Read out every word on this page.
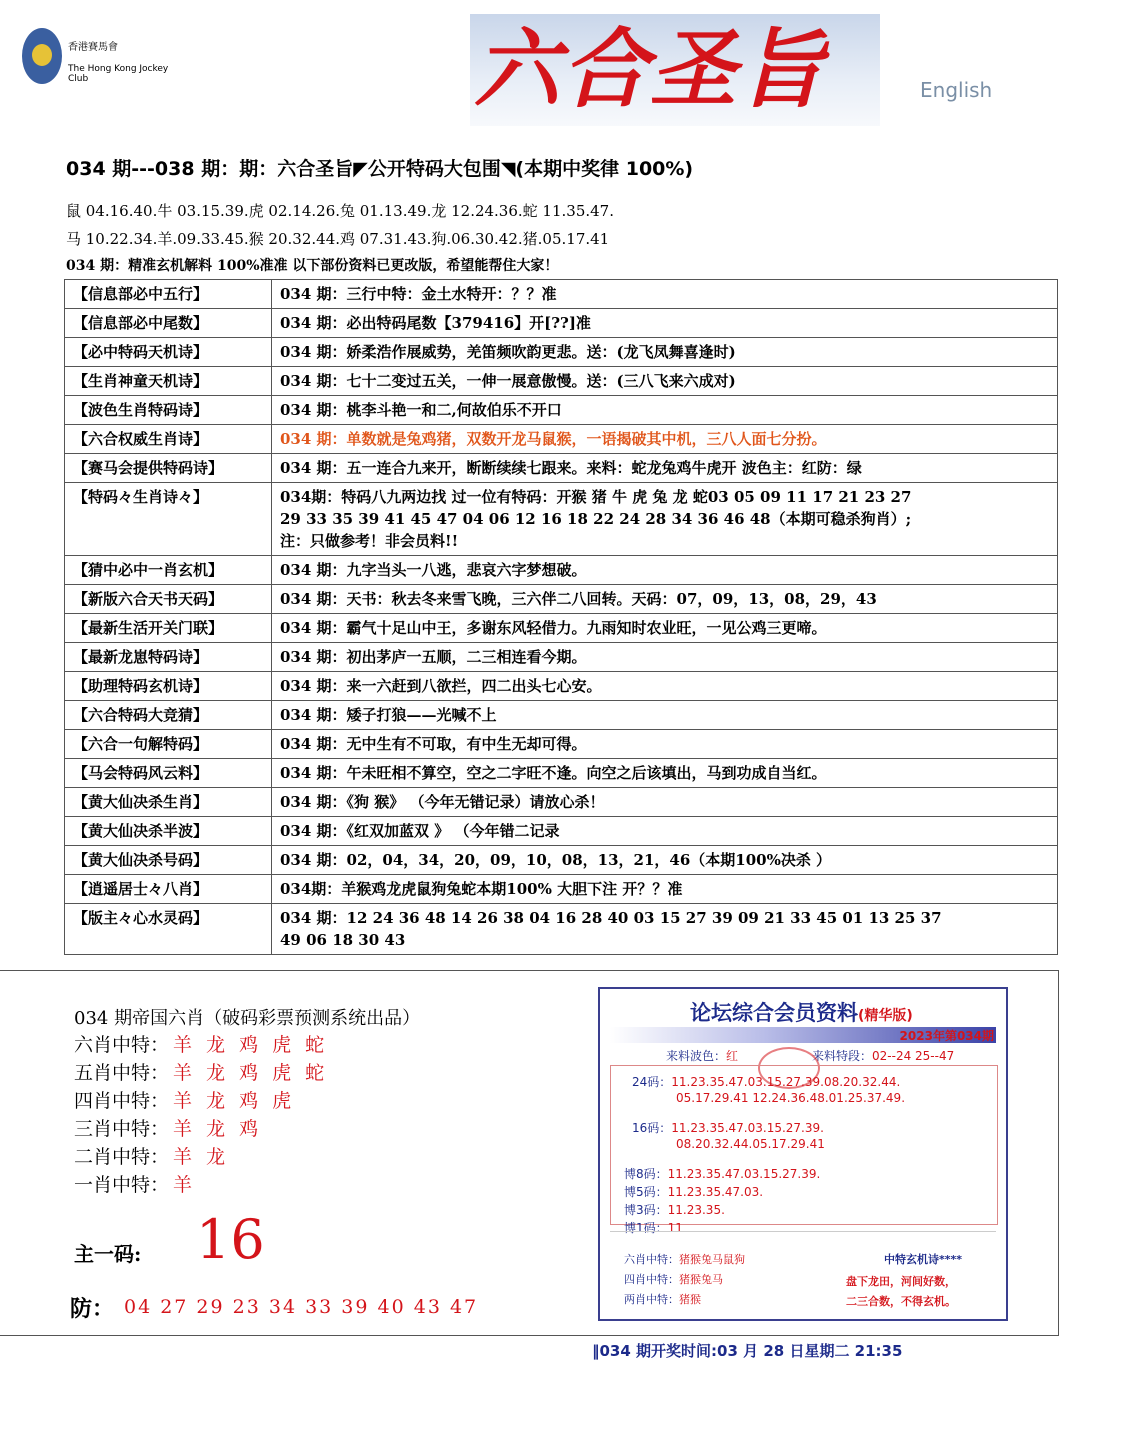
香港賽馬會
The Hong Kong Jockey Club	六合圣旨	English
034 期---038 期：期：六合圣旨◤公开特码大包围◥(本期中奖律 100%)
鼠 04.16.40.牛 03.15.39.虎 02.14.26.兔 01.13.49.龙 12.24.36.蛇 11.35.47.
马 10.22.34.羊.09.33.45.猴 20.32.44.鸡 07.31.43.狗.06.30.42.猪.05.17.41
034 期：精准玄机解料 100%准准 以下部份资料已更改版，希望能帮住大家！
【信息部必中五行】	034 期：三行中特：金土水特开：？？准

【信息部必中尾数】	034 期：必出特码尾数【379416】开[??]准

【必中特码天机诗】	034 期：娇柔浩作展威势，羌笛频吹韵更悲。送：(龙飞凤舞喜逢时)

【生肖神童天机诗】	034 期：七十二变过五关，一伸一展意傲慢。送：(三八飞来六成对)

【波色生肖特码诗】	034 期：桃李斗艳一和二,何故伯乐不开口

【六合权威生肖诗】	034 期：单数就是兔鸡猪，双数开龙马鼠猴，一语揭破其中机，三八人面七分扮。

【赛马会提供特码诗】	034 期：五一连合九来开，断断续续七跟来。来料：蛇龙兔鸡牛虎开 波色主：红防：绿

【特码々生肖诗々】	034期：特码八九两边找 过一位有特码：开猴 猪 牛 虎 兔 龙 蛇03 05 09 11 17 21 23 27
29 33 35 39 41 45 47 04 06 12 16 18 22 24 28 34 36 46 48（本期可稳杀狗肖）;
注：只做参考！非会员料!!

【猜中必中一肖玄机】	034 期：九字当头一八逃，悲哀六字梦想破。

【新版六合天书天码】	034 期：天书：秋去冬来雪飞晚，三六伴二八回转。天码：07，09，13，08，29，43

【最新生活开关门联】	034 期：霸气十足山中王，多谢东风轻借力。九雨知时农业旺，一见公鸡三更啼。

【最新龙崽特码诗】	034 期：初出茅庐一五顺，二三相连看今期。

【助理特码玄机诗】	034 期：来一六赶到八欲拦，四二出头七心安。

【六合特码大竞猜】	034 期：矮子打狼——光喊不上

【六合一句解特码】	034 期：无中生有不可取，有中生无却可得。

【马会特码风云料】	034 期：午未旺相不算空，空之二字旺不逢。向空之后该填出，马到功成自当红。

【黄大仙决杀生肖】	034 期：《狗 猴》 （今年无错记录）请放心杀！

【黄大仙决杀半波】	034 期：《红双加蓝双 》 （今年错二记录

【黄大仙决杀号码】	034 期：02，04，34，20，09，10，08，13，21，46（本期100%决杀 ）

【逍遥居士々八肖】	034期：羊猴鸡龙虎鼠狗兔蛇本期100% 大胆下注 开？？准

【版主々心水灵码】	034 期：12 24 36 48 14 26 38 04 16 28 40 03 15 27 39 09 21 33 45 01 13 25 37
49 06 18 30 43
034 期帝国六肖（破码彩票预测系统出品）
六肖中特： 羊 龙 鸡 虎 蛇
五肖中特： 羊 龙 鸡 虎 蛇
四肖中特： 羊 龙 鸡 虎
三肖中特： 羊 龙 鸡
二肖中特： 羊 龙
一肖中特： 羊
主一码: 16
防： 04 27 29 23 34 33 39 40 43 47
论坛综合会员资料(精华版)
2023年第034期
来料波色：红	来料特段：02--24 25--47
24码：11.23.35.47.03.15.27.39.08.20.32.44.
05.17.29.41 12.24.36.48.01.25.37.49.
16码：11.23.35.47.03.15.27.39.
08.20.32.44.05.17.29.41
博8码：11.23.35.47.03.15.27.39.
博5码：11.23.35.47.03.
博3码：11.23.35.
博1码：11
六肖中特：猪猴兔马鼠狗
四肖中特：猪猴兔马
两肖中特：猪猴
中特玄机诗****
盘下龙田，河间好数，
二三合数，不得玄机。
‖034 期开奖时间:03 月 28 日星期二 21:35
